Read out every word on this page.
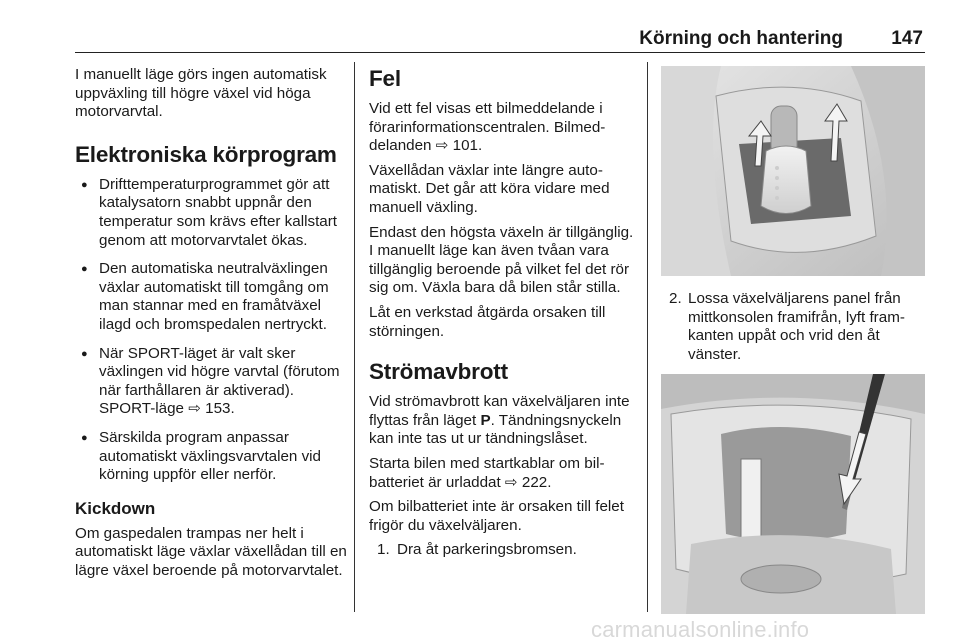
Körning och hantering	147

I manuellt läge görs ingen automatisk uppväxling till högre växel vid höga motorvarvtal.

Elektroniska körprogram
● Drifttemperaturprogrammet gör att katalysatorn snabbt uppnår den temperatur som krävs efter kallstart genom att motorvarvtalet ökas.
● Den automatiska neutralväxlingen växlar automatiskt till tomgång om man stannar med en framåtväxel ilagd och bromspedalen nertryckt.
● När SPORT-läget är valt sker växlingen vid högre varvtal (förutom när farthållaren är aktiverad). SPORT-läge ⇨ 153.
● Särskilda program anpassar automatiskt växlingsvarvtalen vid körning uppför eller nerför.
Kickdown

Om gaspedalen trampas ner helt i automatiskt läge växlar växellådan till en lägre växel beroende på motorvarvtalet.

Fel

Vid ett fel visas ett bilmeddelande i förarinformationscentralen. Bilmeddelanden ⇨ 101.

Växellådan växlar inte längre automatiskt. Det går att köra vidare med manuell växling.

Endast den högsta växeln är tillgänglig. I manuellt läge kan även tvåan vara tillgänglig beroende på vilket fel det rör sig om. Växla bara då bilen står stilla.

Låt en verkstad åtgärda orsaken till störningen.

Strömavbrott

Vid strömavbrott kan växelväljaren inte flyttas från läget P. Tändningsnyckeln kan inte tas ut ur tändningslåset.

Starta bilen med startkablar om bilbatteriet är urladdat ⇨ 222.

Om bilbatteriet inte är orsaken till felet frigör du växelväljaren.

1. Dra åt parkeringsbromsen.
2. Lossa växelväljarens panel från mittkonsolen framifrån, lyft framkanten uppåt och vrid den åt vänster.
carmanualsonline.info
